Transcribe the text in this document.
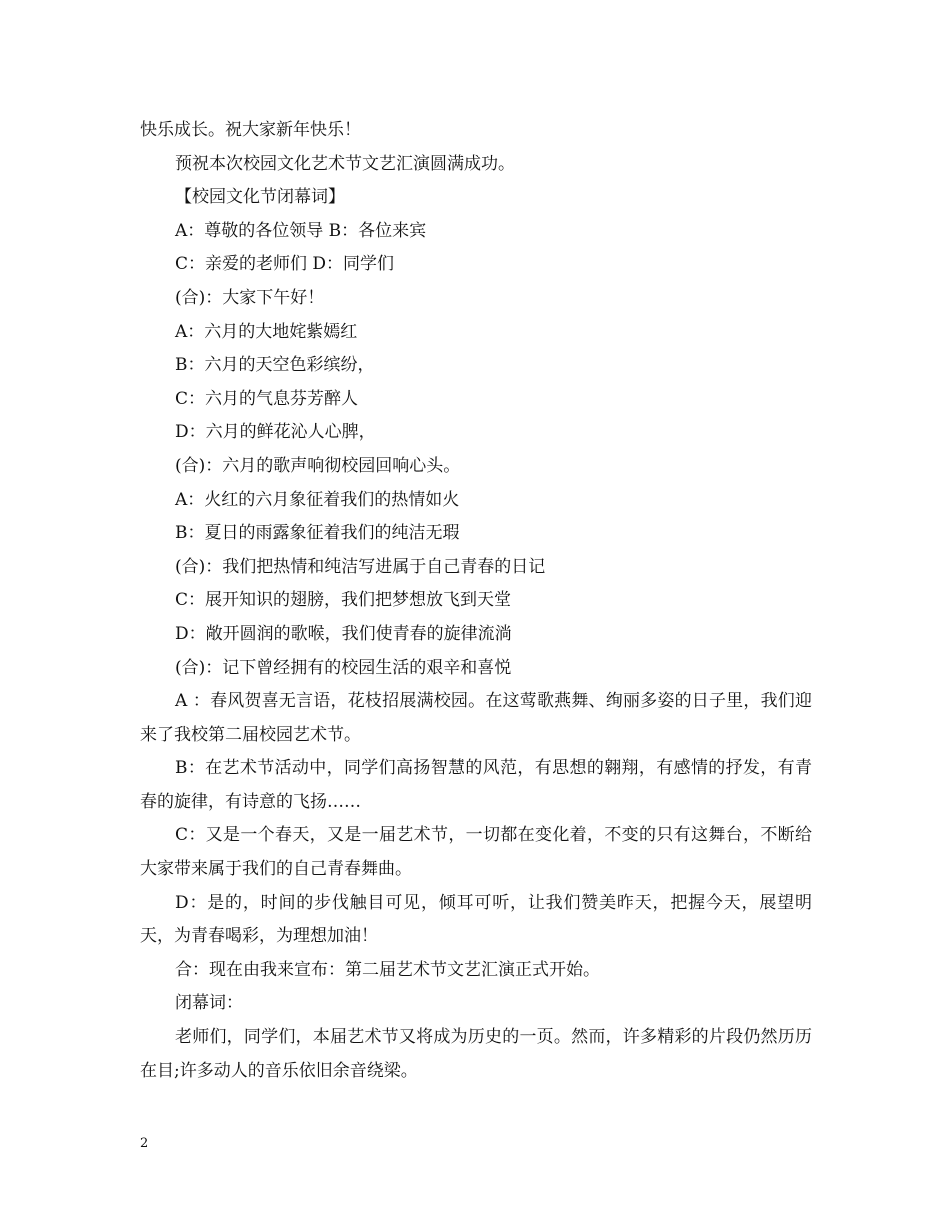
快乐成长。祝大家新年快乐！

预祝本次校园文化艺术节文艺汇演圆满成功。

【校园文化节闭幕词】

A：尊敬的各位领导 B：各位来宾

C：亲爱的老师们 D：同学们

(合)：大家下午好！

A：六月的大地姹紫嫣红

B：六月的天空色彩缤纷，

C：六月的气息芬芳醉人

D：六月的鲜花沁人心脾，

(合)：六月的歌声响彻校园回响心头。

A：火红的六月象征着我们的热情如火

B：夏日的雨露象征着我们的纯洁无瑕

(合)：我们把热情和纯洁写进属于自己青春的日记

C：展开知识的翅膀，我们把梦想放飞到天堂

D：敞开圆润的歌喉，我们使青春的旋律流淌

(合)：记下曾经拥有的校园生活的艰辛和喜悦

A ：春风贺喜无言语，花枝招展满校园。在这莺歌燕舞、绚丽多姿的日子里，我们迎来了我校第二届校园艺术节。

B：在艺术节活动中，同学们高扬智慧的风范，有思想的翱翔，有感情的抒发，有青春的旋律，有诗意的飞扬……

C：又是一个春天，又是一届艺术节，一切都在变化着，不变的只有这舞台，不断给大家带来属于我们的自己青春舞曲。

D：是的，时间的步伐触目可见，倾耳可听，让我们赞美昨天，把握今天，展望明天，为青春喝彩，为理想加油！

合：现在由我来宣布：第二届艺术节文艺汇演正式开始。

闭幕词：

老师们，同学们，本届艺术节又将成为历史的一页。然而，许多精彩的片段仍然历历在目;许多动人的音乐依旧余音绕梁。

2
